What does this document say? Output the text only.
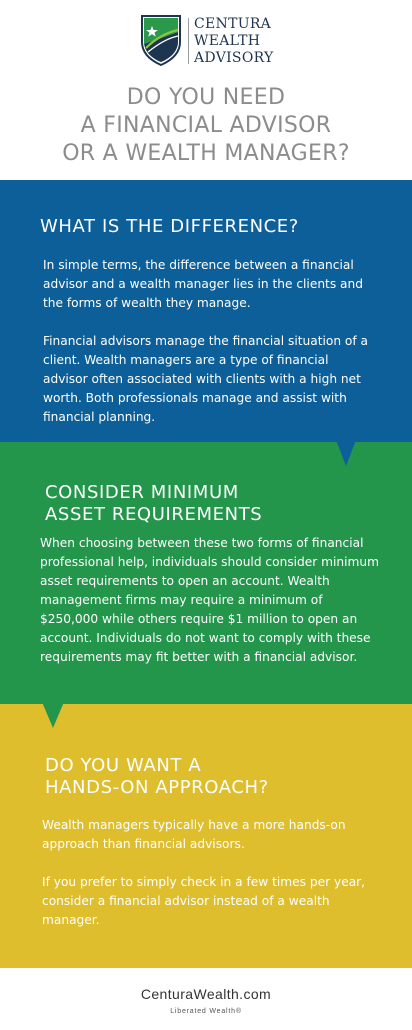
CENTURA
WEALTH
ADVISORY
DO YOU NEED
A FINANCIAL ADVISOR
OR A WEALTH MANAGER?
WHAT IS THE DIFFERENCE?

In simple terms, the difference between a financial advisor and a wealth manager lies in the clients and the forms of wealth they manage.

Financial advisors manage the financial situation of a client. Wealth managers are a type of financial advisor often associated with clients with a high net worth. Both professionals manage and assist with financial planning.

CONSIDER MINIMUM
ASSET REQUIREMENTS

When choosing between these two forms of financial professional help, individuals should consider minimum asset requirements to open an account. Wealth management firms may require a minimum of $250,000 while others require $1 million to open an account. Individuals do not want to comply with these requirements may fit better with a financial advisor.

DO YOU WANT A
HANDS-ON APPROACH?

Wealth managers typically have a more hands-on approach than financial advisors.

If you prefer to simply check in a few times per year, consider a financial advisor instead of a wealth manager.

CenturaWealth.com
Liberated Wealth®
